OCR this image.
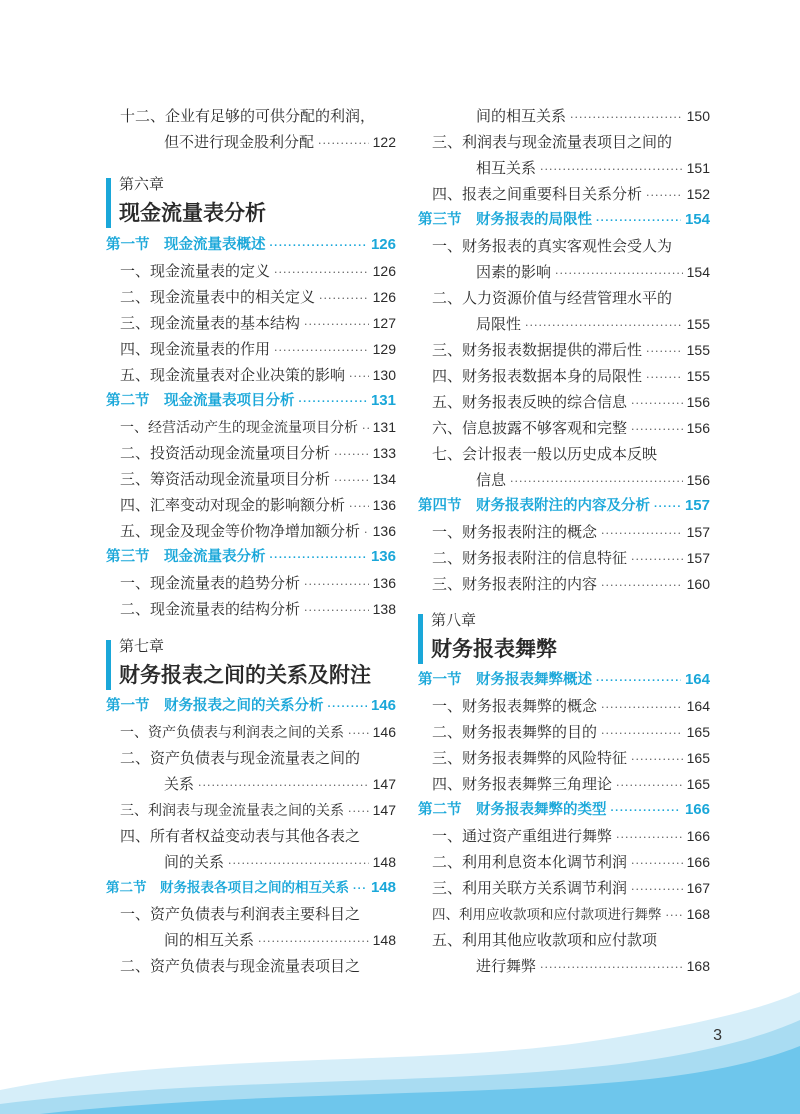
十二、企业有足够的可供分配的利润，
但不进行现金股利分配 ·····	122
第六章
现金流量表分析
第一节　现金流量表概述 ·····	126
一、现金流量表的定义 ·····	126
二、现金流量表中的相关定义 ·····	126
三、现金流量表的基本结构 ·····	127
四、现金流量表的作用 ·····	129
五、现金流量表对企业决策的影响 ····· 130
第二节　现金流量表项目分析 ·····	131
一、经营活动产生的现金流量项目分析 ····· 131
二、投资活动现金流量项目分析 ·····	133
三、筹资活动现金流量项目分析 ·····	134
四、汇率变动对现金的影响额分析 ····· 136
五、现金及现金等价物净增加额分析 ····· 136
第三节　现金流量表分析 ·····	136
一、现金流量表的趋势分析 ·····	136
二、现金流量表的结构分析 ·····	138
第七章
财务报表之间的关系及附注
第一节　财务报表之间的关系分析 ·····	146
一、资产负债表与利润表之间的关系 ····· 146
二、资产负债表与现金流量表之间的
关系 ·····	147
三、利润表与现金流量表之间的关系 ····· 147
四、所有者权益变动表与其他各表之
间的关系 ·····	148
第二节　财务报表各项目之间的相互关系 ····· 148
一、资产负债表与利润表主要科目之
间的相互关系 ·····	148
二、资产负债表与现金流量表项目之
间的相互关系 ·····	150
三、利润表与现金流量表项目之间的
相互关系 ·····	151
四、报表之间重要科目关系分析 ·····	152
第三节　财务报表的局限性 ·····	154
一、财务报表的真实客观性会受人为
因素的影响 ·····	154
二、人力资源价值与经营管理水平的
局限性 ·····	155
三、财务报表数据提供的滞后性 ·····	155
四、财务报表数据本身的局限性 ·····	155
五、财务报表反映的综合信息 ·····	156
六、信息披露不够客观和完整 ·····	156
七、会计报表一般以历史成本反映
信息 ·····	156
第四节　财务报表附注的内容及分析 ····· 157
一、财务报表附注的概念 ·····	157
二、财务报表附注的信息特征 ·····	157
三、财务报表附注的内容 ·····	160
第八章
财务报表舞弊
第一节　财务报表舞弊概述 ·····	164
一、财务报表舞弊的概念 ·····	164
二、财务报表舞弊的目的 ·····	165
三、财务报表舞弊的风险特征 ·····	165
四、财务报表舞弊三角理论 ·····	165
第二节　财务报表舞弊的类型 ·····	166
一、通过资产重组进行舞弊 ·····	166
二、利用利息资本化调节利润 ·····	166
三、利用关联方关系调节利润 ·····	167
四、利用应收款项和应付款项进行舞弊 ····· 168
五、利用其他应收款项和应付款项
进行舞弊 ·····	168
3
